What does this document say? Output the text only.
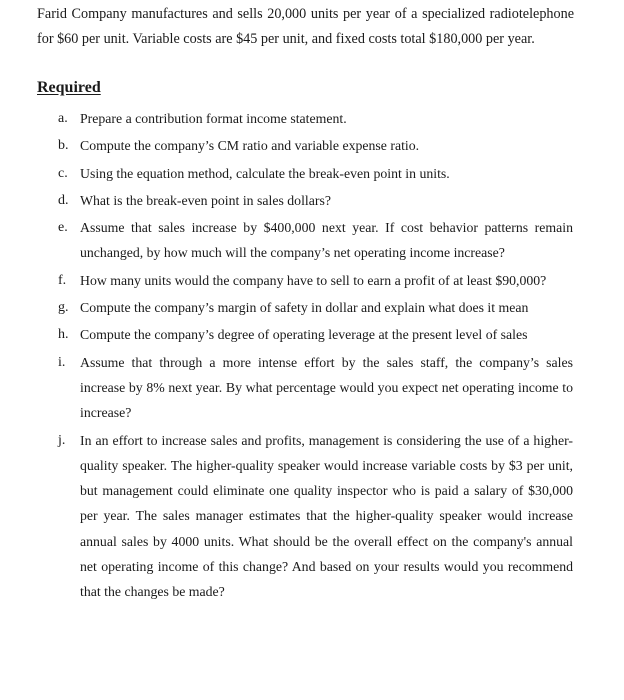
Farid Company manufactures and sells 20,000 units per year of a specialized radiotelephone for $60 per unit. Variable costs are $45 per unit, and fixed costs total $180,000 per year.

Required

a. Prepare a contribution format income statement.
b. Compute the company’s CM ratio and variable expense ratio.
c. Using the equation method, calculate the break-even point in units.
d. What is the break-even point in sales dollars?
e. Assume that sales increase by $400,000 next year. If cost behavior patterns remain unchanged, by how much will the company’s net operating income increase?
f.	How many units would the company have to sell to earn a profit of at least $90,000?
g. Compute the company’s margin of safety in dollar and explain what does it mean
h. Compute the company’s degree of operating leverage at the present level of sales
i.	Assume that through a more intense effort by the sales staff, the company’s sales increase by 8% next year. By what percentage would you expect net operating income to increase?
j.	In an effort to increase sales and profits, management is considering the use of a higher-quality speaker. The higher-quality speaker would increase variable costs by $3 per unit, but management could eliminate one quality inspector who is paid a salary of $30,000 per year. The sales manager estimates that the higher-quality speaker would increase annual sales by 4000 units. What should be the overall effect on the company's annual net operating income of this change? And based on your results would you recommend that the changes be made?
